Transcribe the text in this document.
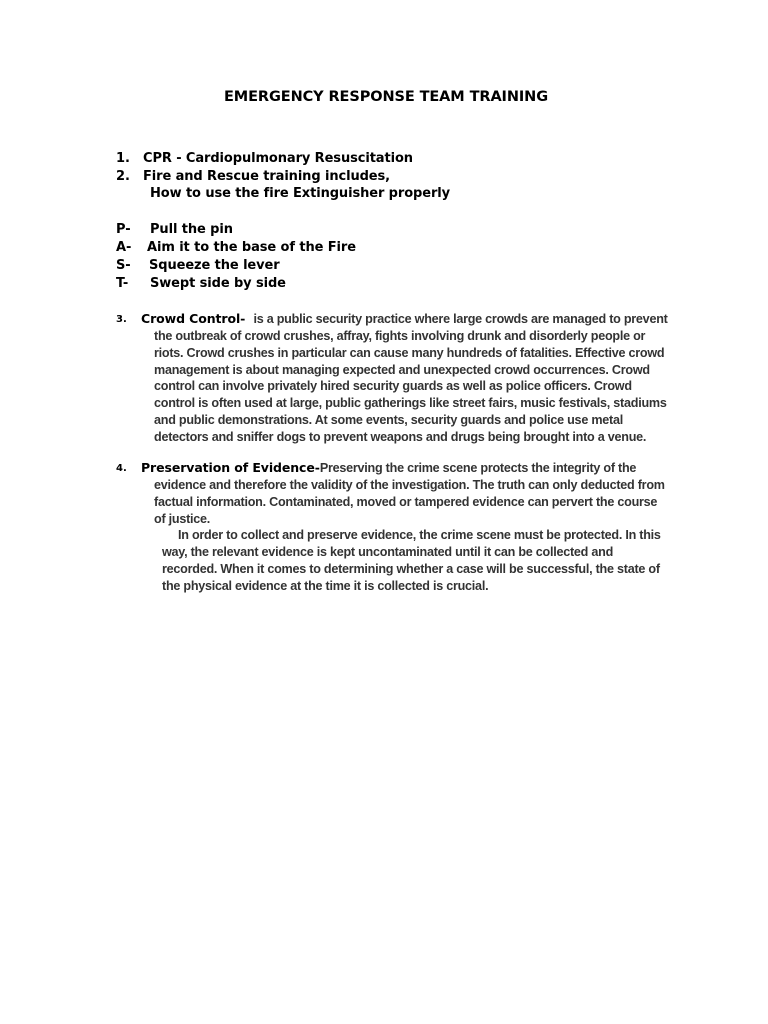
EMERGENCY RESPONSE TEAM TRAINING
1. CPR - Cardiopulmonary Resuscitation
2. Fire and Rescue training includes,
How to use the fire Extinguisher properly
P- Pull the pin
A- Aim it to the base of the Fire
S- Squeeze the lever
T- Swept side by side
3. Crowd Control- is a public security practice where large crowds are managed to prevent
the outbreak of crowd crushes, affray, fights involving drunk and disorderly people or
riots. Crowd crushes in particular can cause many hundreds of fatalities. Effective crowd
management is about managing expected and unexpected crowd occurrences. Crowd
control can involve privately hired security guards as well as police officers. Crowd
control is often used at large, public gatherings like street fairs, music festivals, stadiums
and public demonstrations. At some events, security guards and police use metal
detectors and sniffer dogs to prevent weapons and drugs being brought into a venue.
4. Preservation of Evidence-Preserving the crime scene protects the integrity of the
evidence and therefore the validity of the investigation. The truth can only deducted from
factual information. Contaminated, moved or tampered evidence can pervert the course
of justice.
In order to collect and preserve evidence, the crime scene must be protected. In this
way, the relevant evidence is kept uncontaminated until it can be collected and
recorded. When it comes to determining whether a case will be successful, the state of
the physical evidence at the time it is collected is crucial.
